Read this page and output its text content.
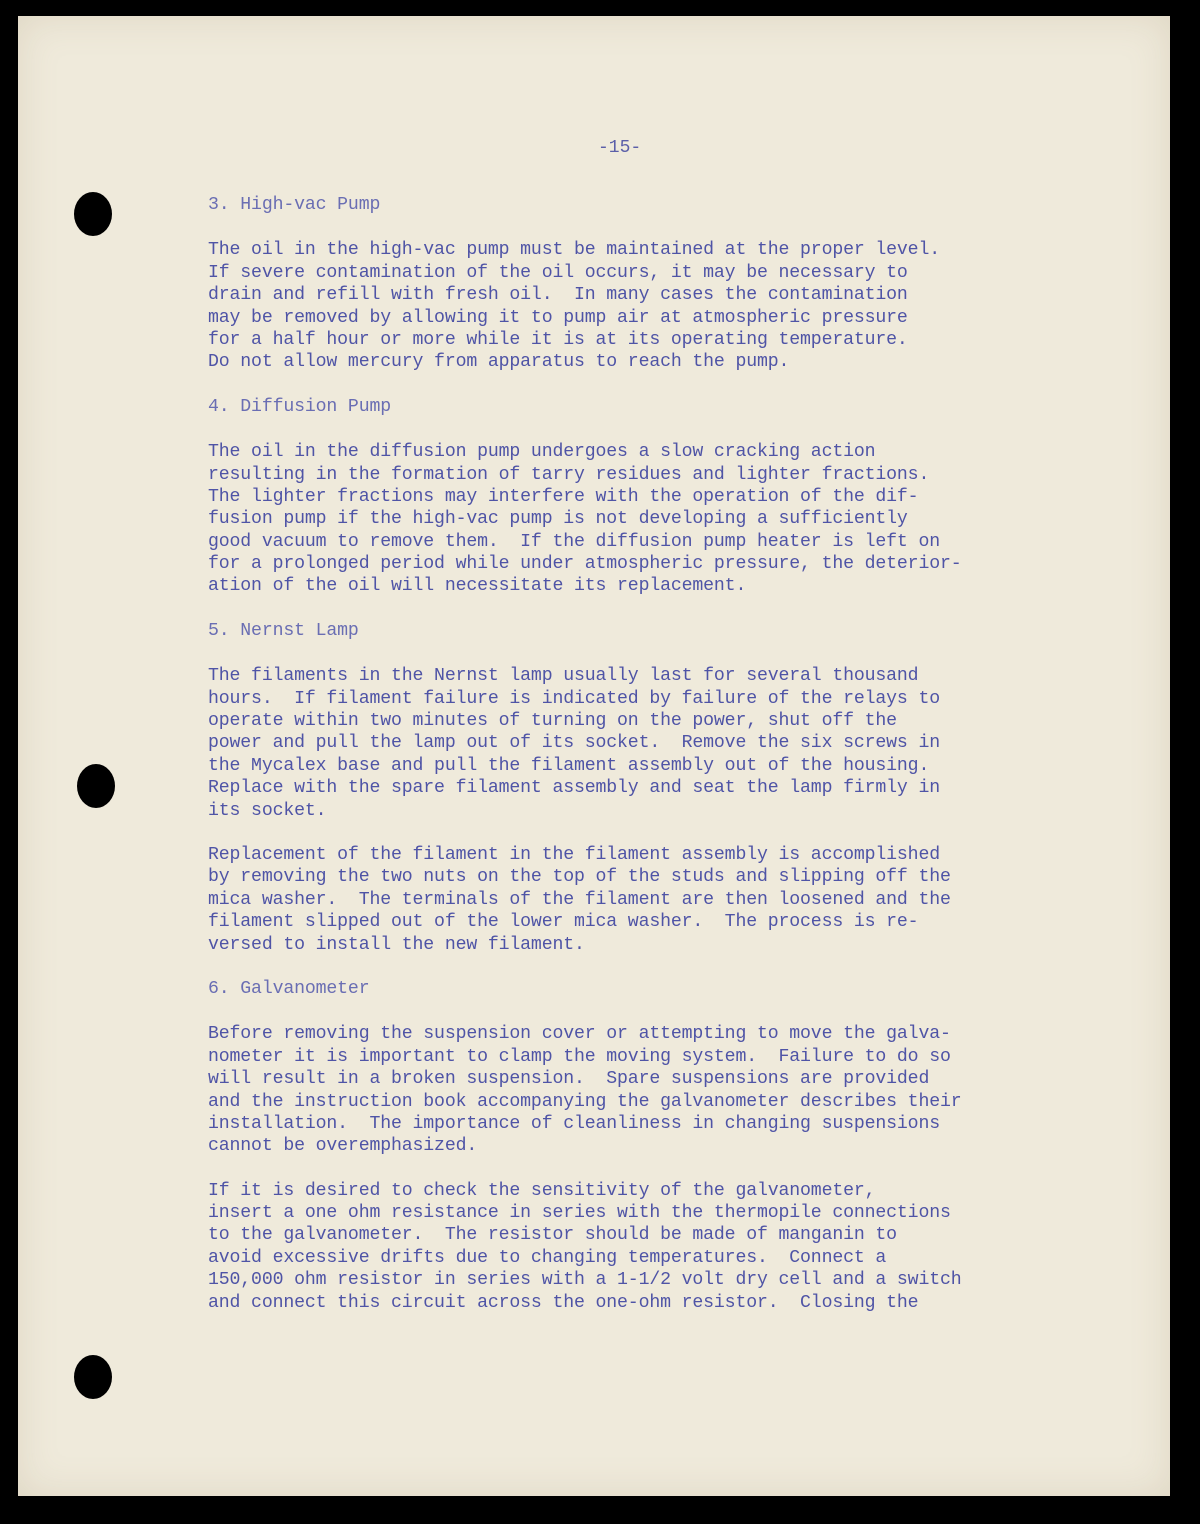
-15-
3. High-vac Pump
The oil in the high-vac pump must be maintained at the proper level.
If severe contamination of the oil occurs, it may be necessary to
drain and refill with fresh oil.  In many cases the contamination
may be removed by allowing it to pump air at atmospheric pressure
for a half hour or more while it is at its operating temperature.
Do not allow mercury from apparatus to reach the pump.
4. Diffusion Pump
The oil in the diffusion pump undergoes a slow cracking action
resulting in the formation of tarry residues and lighter fractions.
The lighter fractions may interfere with the operation of the dif-
fusion pump if the high-vac pump is not developing a sufficiently
good vacuum to remove them.  If the diffusion pump heater is left on
for a prolonged period while under atmospheric pressure, the deterior-
ation of the oil will necessitate its replacement.
5. Nernst Lamp
The filaments in the Nernst lamp usually last for several thousand
hours.  If filament failure is indicated by failure of the relays to
operate within two minutes of turning on the power, shut off the
power and pull the lamp out of its socket.  Remove the six screws in
the Mycalex base and pull the filament assembly out of the housing.
Replace with the spare filament assembly and seat the lamp firmly in
its socket.
Replacement of the filament in the filament assembly is accomplished
by removing the two nuts on the top of the studs and slipping off the
mica washer.  The terminals of the filament are then loosened and the
filament slipped out of the lower mica washer.  The process is re-
versed to install the new filament.
6. Galvanometer
Before removing the suspension cover or attempting to move the galva-
nometer it is important to clamp the moving system.  Failure to do so
will result in a broken suspension.  Spare suspensions are provided
and the instruction book accompanying the galvanometer describes their
installation.  The importance of cleanliness in changing suspensions
cannot be overemphasized.
If it is desired to check the sensitivity of the galvanometer,
insert a one ohm resistance in series with the thermopile connections
to the galvanometer.  The resistor should be made of manganin to
avoid excessive drifts due to changing temperatures.  Connect a
150,000 ohm resistor in series with a 1-1/2 volt dry cell and a switch
and connect this circuit across the one-ohm resistor.  Closing the
